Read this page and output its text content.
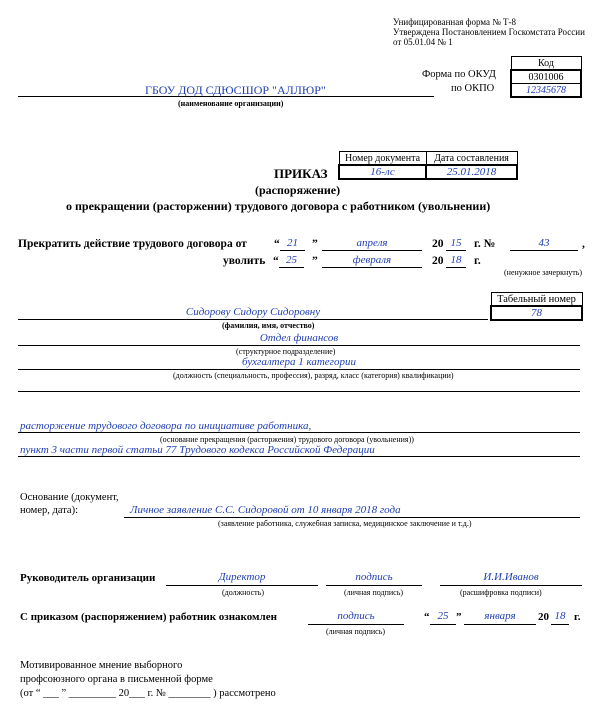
Унифицированная форма № Т-8
Утверждена Постановлением Госкомстата России
от 05.01.04 № 1
Код
0301006
12345678
Форма по ОКУД
по ОКПО
ГБОУ ДОД СДЮСШОР "АЛЛЮР"
(наименование организации)
Номер документа	Дата составления
16-лс	25.01.2018
ПРИКАЗ
(распоряжение)
о прекращении (расторжении) трудового договора с работником (увольнении)
Прекратить действие трудового договора от “ 21	”	апреля	20 15	г. №	43	,
уволить “ 25	”	февраля	20 18	г.
(ненужное зачеркнуть)
Табельный номер
78
Сидорову Сидору Сидоровну
(фамилия, имя, отчество)
Отдел финансов
(структурное подразделение)
бухгалтера 1 категории
(должность (специальность, профессия), разряд, класс (категория) квалификации)
расторжение трудового договора по инициативе работника,
(основание прекращения (расторжения) трудового договора (увольнения))
пункт 3 части первой статьи 77 Трудового кодекса Российской Федерации
Основание (документ,
номер, дата):	Личное заявление С.С. Сидоровой от 10 января 2018 года
(заявление работника, служебная записка, медицинское заключение и т.д.)
Руководитель организации	Директор
(должность)
подпись
(личная подпись)
И.И.Иванов
(расшифровка подписи)
С приказом (распоряжением) работник ознакомлен	подпись
(личная подпись)
“ 25 ”	января	20 18 г.
Мотивированное мнение выборного
профсоюзного органа в письменной форме
(от “ ___ ” _________ 20___ г. № ________ ) рассмотрено
